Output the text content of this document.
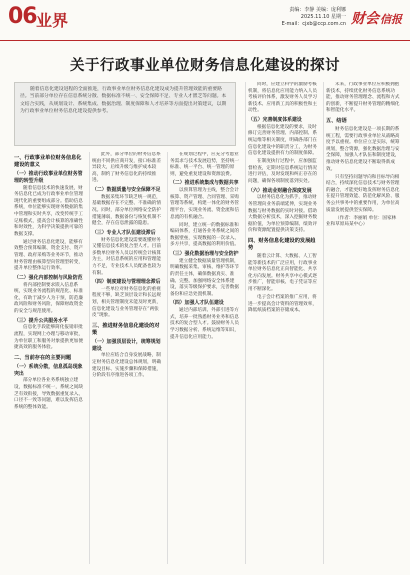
06 业界
责编：李静 美编：庞利娜
2025.11.10 星期一
E-mail：cjxb@ccp.com.cn 财会信报
关于行政事业单位财务信息化建设的探讨
随着信息化建设进程的全面推进，行政事业单位财务信息化建设成为提升管理效能的重要路径。当前部分单位存在信息系统分散、数据标准不统一、安全保障不足、专业人才匮乏等问题。本文结合实践，从规划设计、系统集成、数据治理、制度保障和人才培养等方面提出对策建议，以期为行政事业单位财务信息化建设提供参考。
一、行政事业单位财务信息化建设的意义
（一）推动行政事业单位财务管理的转型升级

随着信息技术的快速发展，财务信息化已成为行政事业单位管理现代化的重要组成部分。借助信息系统，单位能够实现财务数据的集中管理和实时共享，改变传统手工记账模式，提高会计核算的准确性和时效性，为科学决策提供可靠的数据支撑。

通过财务信息化建设，能够有效整合预算编制、资金支付、资产管理、政府采购等业务环节，推动财务管理由核算型向管理型转变，提升单位整体运行效率。

（二）强化内部控制与风险防范

将内部控制要求嵌入信息系统，实现业务流程的规范化、标准化，有助于减少人为干预，防范廉政风险和财务风险，保障财政资金的安全与规范使用。

（三）提升公共服务水平

信息化手段能够简化报销审批流程，实现网上办理与移动审批，为单位职工和服务对象提供更加便捷高效的服务体验。

二、当前存在的主要问题
（一）系统分散，信息孤岛现象突出

部分单位各业务系统独立建设，数据标准不统一，系统之间缺乏有效衔接，导致数据重复录入、口径不一致等问题，难以发挥信息系统的整体效能。

此外，部分单位的财务信息系统由不同供应商开发，接口标准差异较大，后续升级与维护成本较高，制约了财务信息化的持续推进。

（二）数据质量与安全保障不足

数据采集环节缺乏统一规范，基础数据存在不完整、不准确的情况。同时，部分单位网络安全防护措施薄弱，数据备份与恢复机制不健全，存在信息泄露的隐患。

（三）专业人才队伍建设滞后

财务信息化建设需要既懂财务又懂信息技术的复合型人才。目前多数单位财务人员以传统会计核算为主，对信息系统的应用和管理能力不足，专业技术人员配备也较为有限。

（四）制度建设与管理理念滞后

一些单位对财务信息化的重视程度不够，缺乏顶层设计和长远规划，相关管理制度未能及时更新，信息化建设与业务管理存在“两张皮”现象。

三、推进财务信息化建设的对策
（一）加强顶层设计，统筹规划建设

单位应结合自身发展战略，制定财务信息化建设总体规划，明确建设目标、实施步骤和保障措施，分阶段有序推进各项工作。

在规划过程中，应充分考虑业务需求与技术发展趋势，坚持统一标准、统一平台、统一管理的原则，避免重复建设和资源浪费。

（二）推进系统集成与数据共享

以预算管理为主线，整合会计核算、资产管理、合同管理、采购管理等系统，构建一体化的财务管理平台，实现业务流、资金流和信息流的有机融合。

同时，建立统一的数据标准和编码体系，打通各业务系统之间的数据壁垒，实现数据的一次录入、多方共享，提高数据的利用价值。

（三）强化数据治理与安全防护

建立健全数据质量管理机制，明确数据采集、审核、维护等环节的责任主体，确保数据真实、准确、完整。加强网络安全体系建设，落实等级保护要求，完善数据备份和应急处置机制。

（四）加强人才队伍建设

通过内部培训、外部引进等方式，培养一批熟悉财务业务和信息技术的复合型人才。鼓励财务人员学习数据分析、系统运维等知识，提升信息化应用能力。

同时，应建立科学的激励考核机制，将信息化应用能力纳入人员考核评价体系，激发财务人员学习新技术、应用新工具的积极性和主动性。

（五）完善制度体系建设

根据信息化建设的要求，及时修订完善财务管理、内部控制、系统运维等相关制度，明确各部门在信息化建设中的职责分工，为财务信息化建设提供有力的制度保障。

在制度执行过程中，应加强监督检查，定期对信息系统运行情况进行评估，及时发现和纠正存在的问题，确保各项制度落到实处。

（六）推动业财融合深度发展

以财务信息化为抓手，推动财务管理向业务前端延伸，实现业务数据与财务数据的实时对接。借助大数据分析技术，深入挖掘财务数据价值，为单位预算编制、绩效评价和资源配置提供决策支持。

四、财务信息化建设的发展趋势

随着云计算、大数据、人工智能等新技术的广泛应用，行政事业单位财务信息化正向智能化、共享化方向发展。财务共享中心模式逐步推广，智能审核、电子凭证等应用不断深化。

电子会计档案的推广应用，将进一步提高会计资料的管理效率，降低纸质档案的存储成本。

未来，行政事业单位应积极拥抱新技术，持续优化财务信息系统功能，推动财务管理理念、流程和方式的创新，不断提升财务管理的精细化和智能化水平。

五、结语

财务信息化建设是一项长期的系统工程，需要行政事业单位从战略高度予以重视。单位应立足实际，统筹规划，整合资源，强化数据治理与安全保障，加强人才队伍和制度建设，推动财务信息化建设不断取得新成效。

只有坚持问题导向和目标导向相结合，持续深化信息技术与财务管理的融合，才能更好地发挥财务信息化在提升管理效能、防范化解风险、服务公共事务中的重要作用，为单位高质量发展提供坚实保障。

（作者：李丽娟 单位：国家林业和草原局某中心）
